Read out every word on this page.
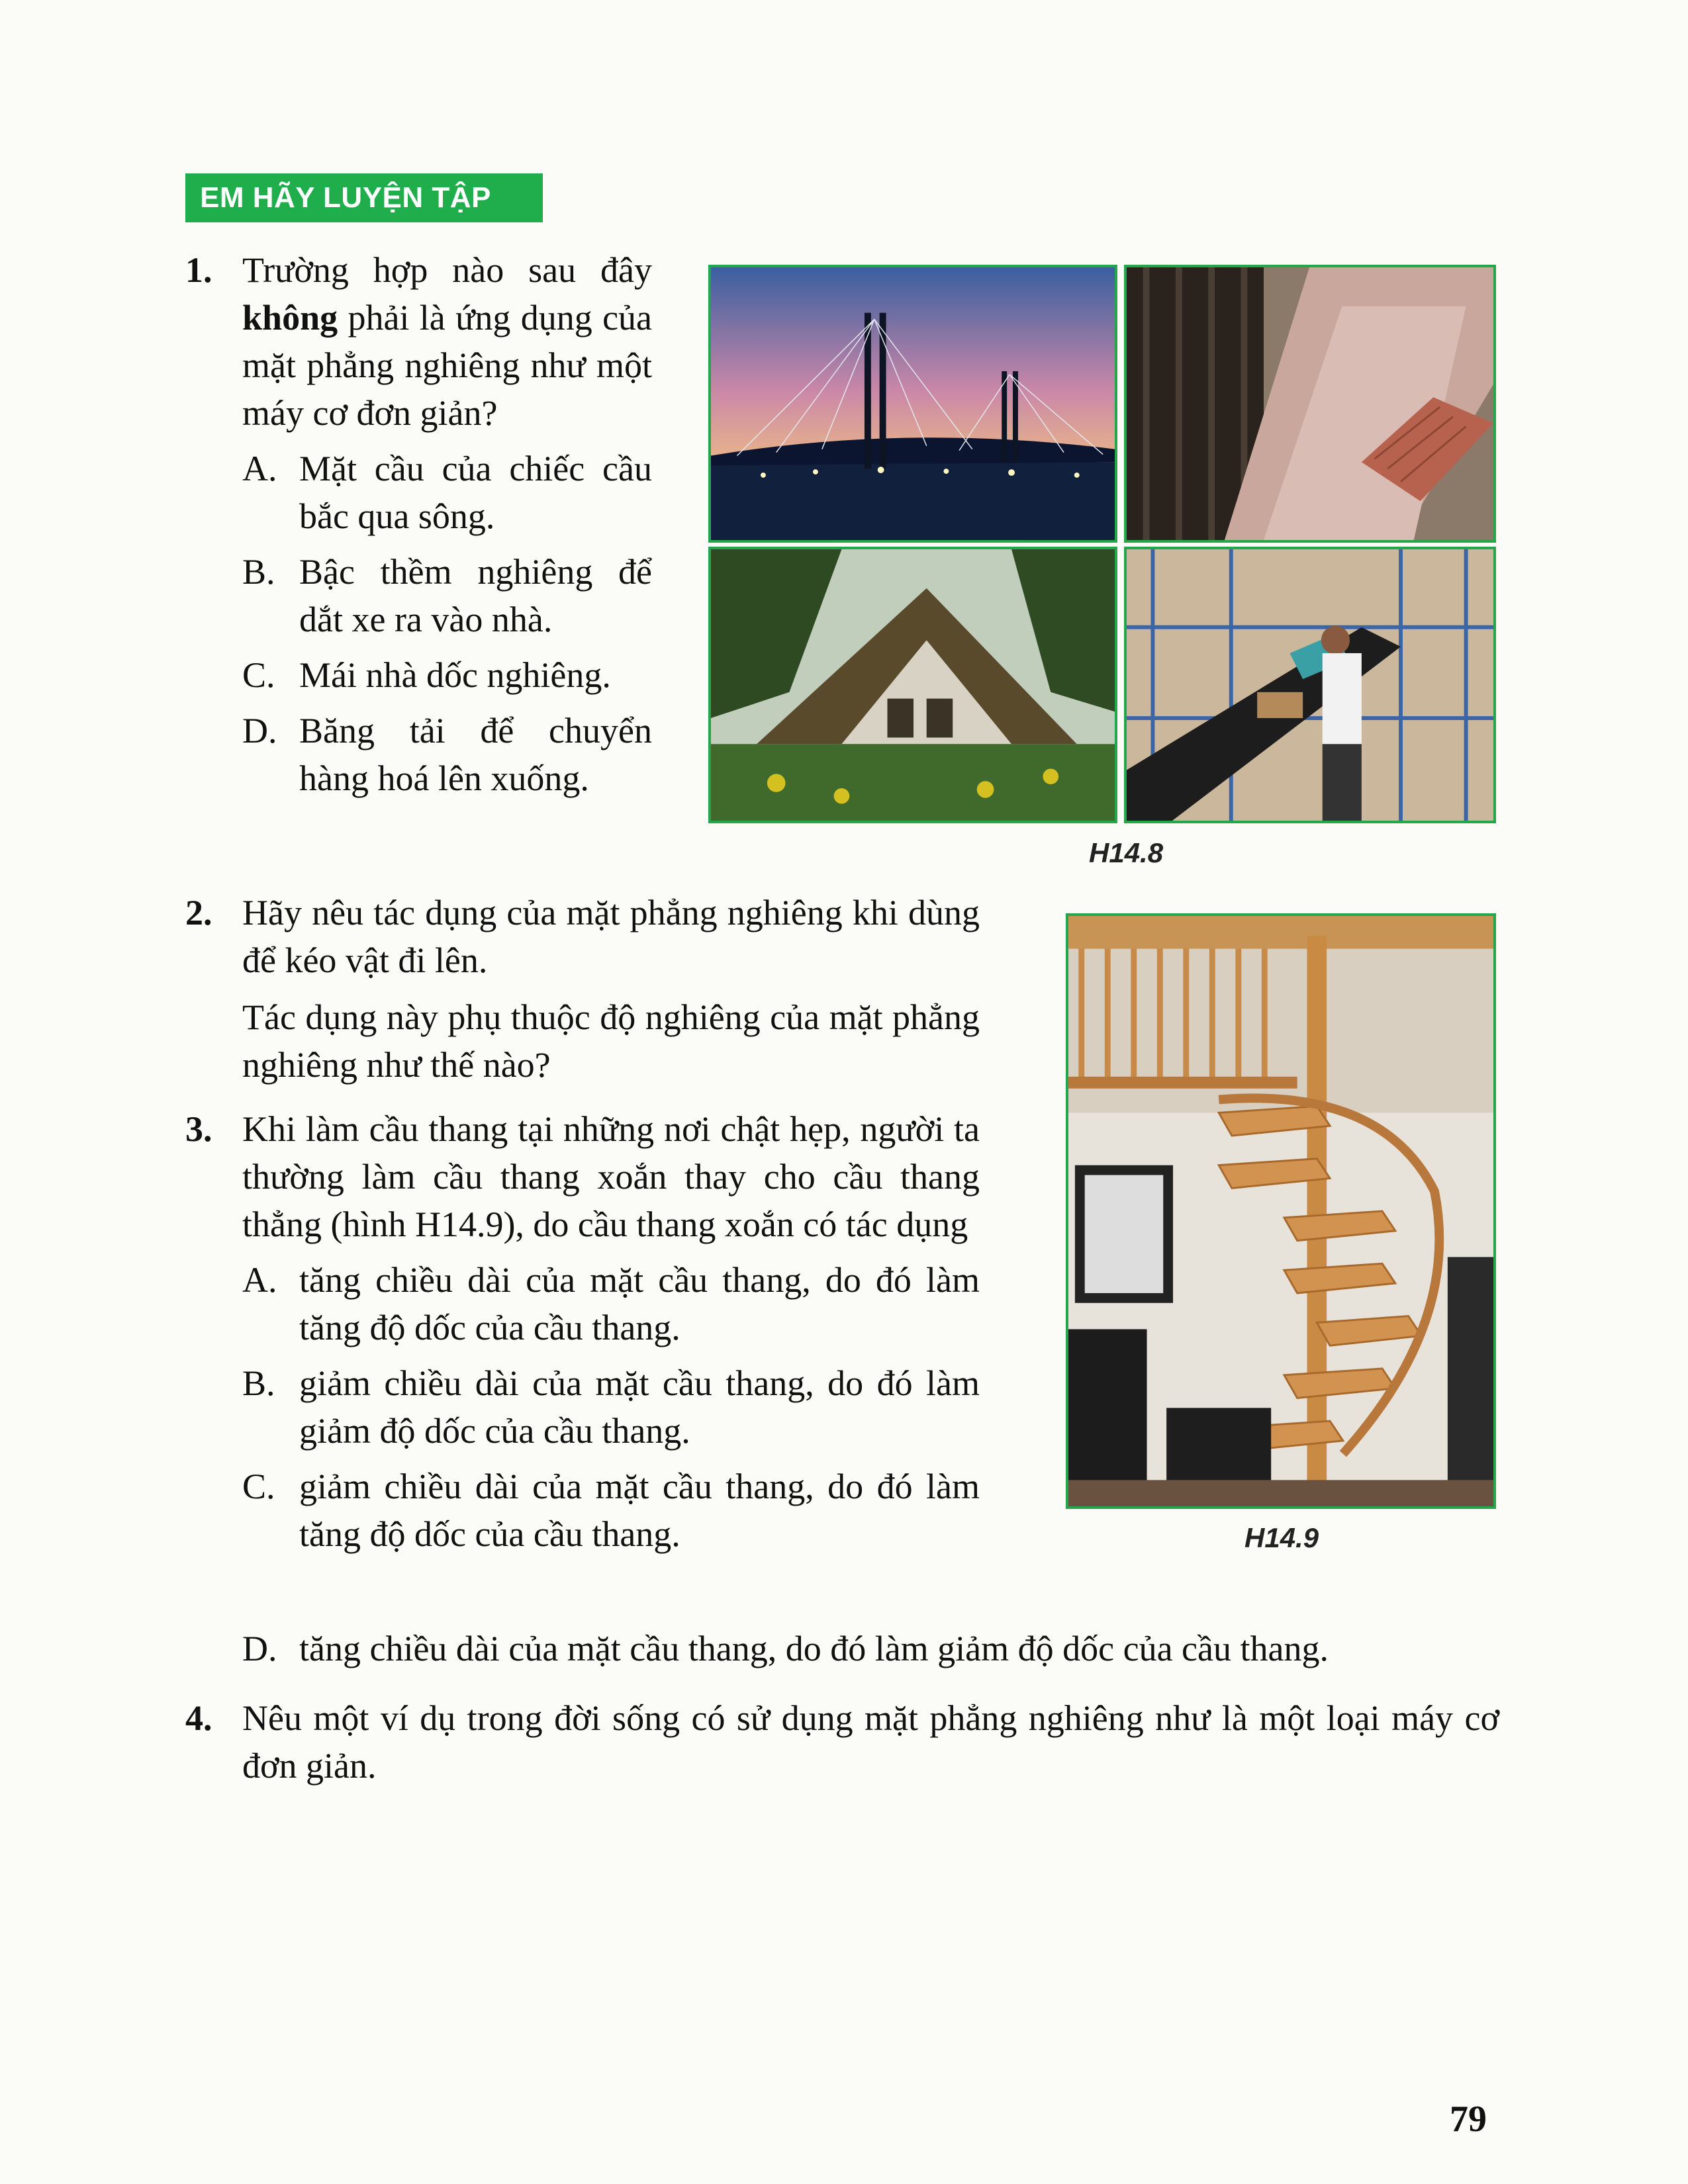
EM HÃY LUYỆN TẬP
1. Trường hợp nào sau đây không phải là ứng dụng của mặt phẳng nghiêng như một máy cơ đơn giản?
A. Mặt cầu của chiếc cầu bắc qua sông.
B. Bậc thềm nghiêng để dắt xe ra vào nhà.
C. Mái nhà dốc nghiêng.
D. Băng tải để chuyển hàng hoá lên xuống.
H14.8
2. Hãy nêu tác dụng của mặt phẳng nghiêng khi dùng để kéo vật đi lên.
Tác dụng này phụ thuộc độ nghiêng của mặt phẳng nghiêng như thế nào?
H14.9
3. Khi làm cầu thang tại những nơi chật hẹp, người ta thường làm cầu thang xoắn thay cho cầu thang thẳng (hình H14.9), do cầu thang xoắn có tác dụng
A. tăng chiều dài của mặt cầu thang, do đó làm tăng độ dốc của cầu thang.
B. giảm chiều dài của mặt cầu thang, do đó làm giảm độ dốc của cầu thang.
C. giảm chiều dài của mặt cầu thang, do đó làm tăng độ dốc của cầu thang.
D. tăng chiều dài của mặt cầu thang, do đó làm giảm độ dốc của cầu thang.
4. Nêu một ví dụ trong đời sống có sử dụng mặt phẳng nghiêng như là một loại máy cơ đơn giản.
79
